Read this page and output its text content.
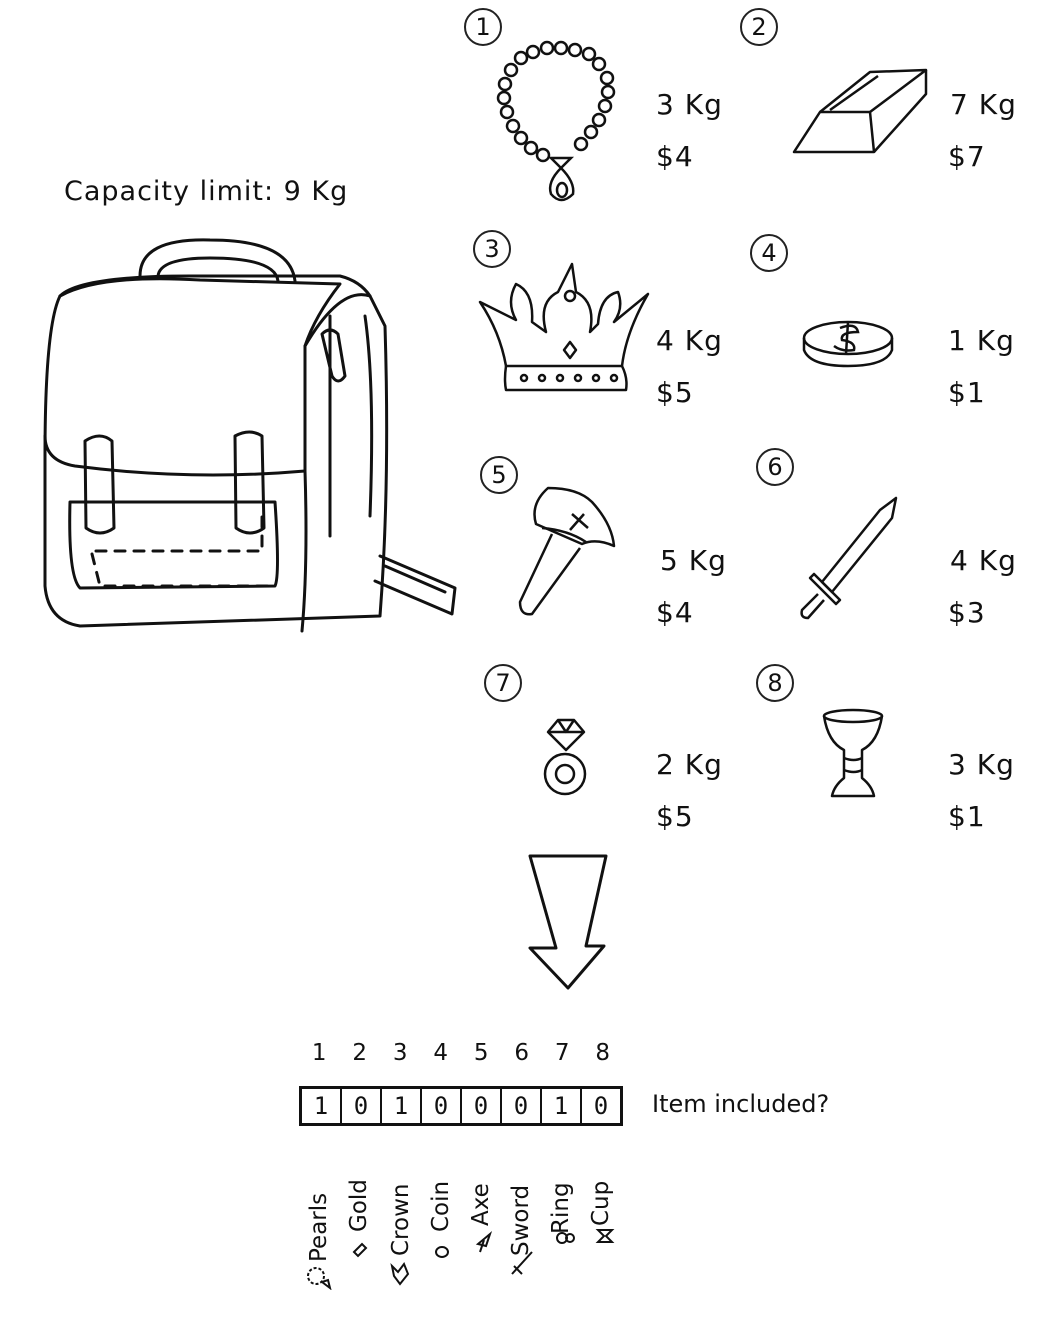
Capacity limit: 9 Kg
1
3 Kg
$4
2
7 Kg
$7
3
4 Kg
$5
4
1 Kg
$1
5
5 Kg
$4
6
4 Kg
$3
7
2 Kg
$5
8
3 Kg
$1
1	2	3	4	5	6	7	8
1	0	1	0	0	0	1	0	Item included?
Pearls Gold Crown Coin Axe Sword Ring Cup
